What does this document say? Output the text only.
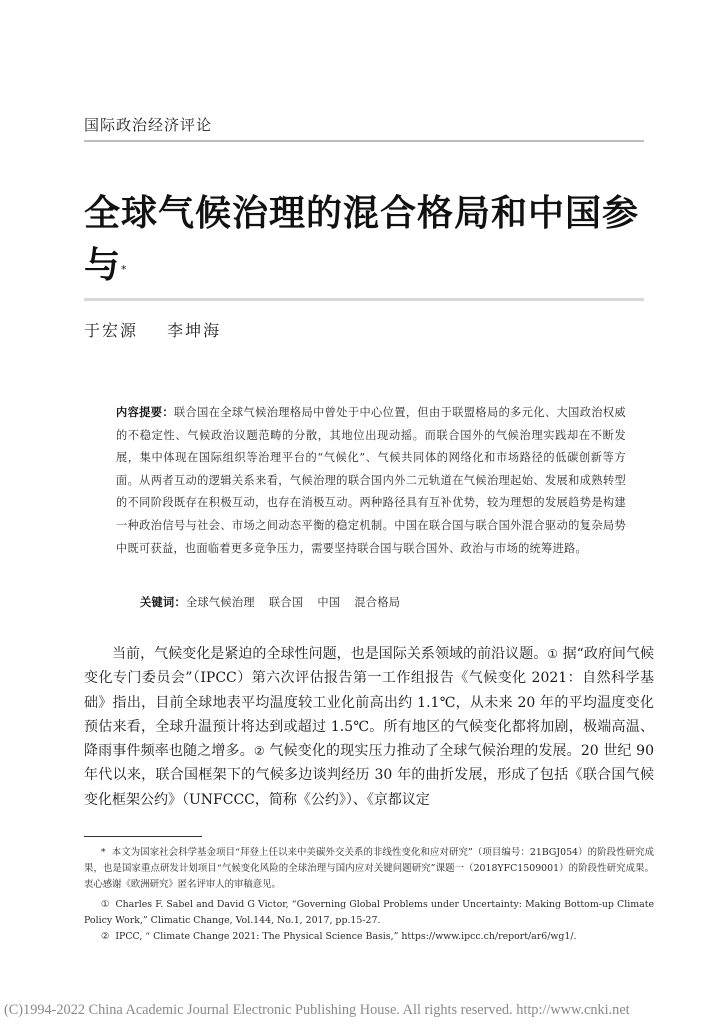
国际政治经济评论
全球气候治理的混合格局和中国参与*
于宏源 李坤海
内容提要：联合国在全球气候治理格局中曾处于中心位置，但由于联盟格局的多元化、大国政治权威的不稳定性、气候政治议题范畴的分散，其地位出现动摇。而联合国外的气候治理实践却在不断发展，集中体现在国际组织等治理平台的“气候化”、气候共同体的网络化和市场路径的低碳创新等方面。从两者互动的逻辑关系来看，气候治理的联合国内外二元轨道在气候治理起始、发展和成熟转型的不同阶段既存在积极互动，也存在消极互动。两种路径具有互补优势，较为理想的发展趋势是构建一种政治信号与社会、市场之间动态平衡的稳定机制。中国在联合国与联合国外混合驱动的复杂局势中既可获益，也面临着更多竞争压力，需要坚持联合国与联合国外、政治与市场的统筹进路。
关键词：全球气候治理 联合国 中国 混合格局
当前，气候变化是紧迫的全球性问题，也是国际关系领域的前沿议题。① 据“政府间气候变化专门委员会”（IPCC）第六次评估报告第一工作组报告《气候变化 2021：自然科学基础》指出，目前全球地表平均温度较工业化前高出约 1.1℃，从未来 20 年的平均温度变化预估来看，全球升温预计将达到或超过 1.5℃。所有地区的气候变化都将加剧，极端高温、降雨事件频率也随之增多。② 气候变化的现实压力推动了全球气候治理的发展。20 世纪 90 年代以来，联合国框架下的气候多边谈判经历 30 年的曲折发展，形成了包括《联合国气候变化框架公约》（UNFCCC，简称《公约》）、《京都议定

* 本文为国家社会科学基金项目“拜登上任以来中美碳外交关系的非线性变化和应对研究”（项目编号：21BGJ054）的阶段性研究成果，也是国家重点研发计划项目“气候变化风险的全球治理与国内应对关键问题研究”课题一（2018YFC1509001）的阶段性研究成果。衷心感谢《欧洲研究》匿名评审人的审稿意见。

① Charles F. Sabel and David G Victor, “Governing Global Problems under Uncertainty: Making Bottom-up Climate Policy Work,” Climatic Change, Vol.144, No.1, 2017, pp.15-27.

② IPCC, “ Climate Change 2021: The Physical Science Basis,” https://www.ipcc.ch/report/ar6/wg1/.

(C)1994-2022 China Academic Journal Electronic Publishing House. All rights reserved. http://www.cnki.net
